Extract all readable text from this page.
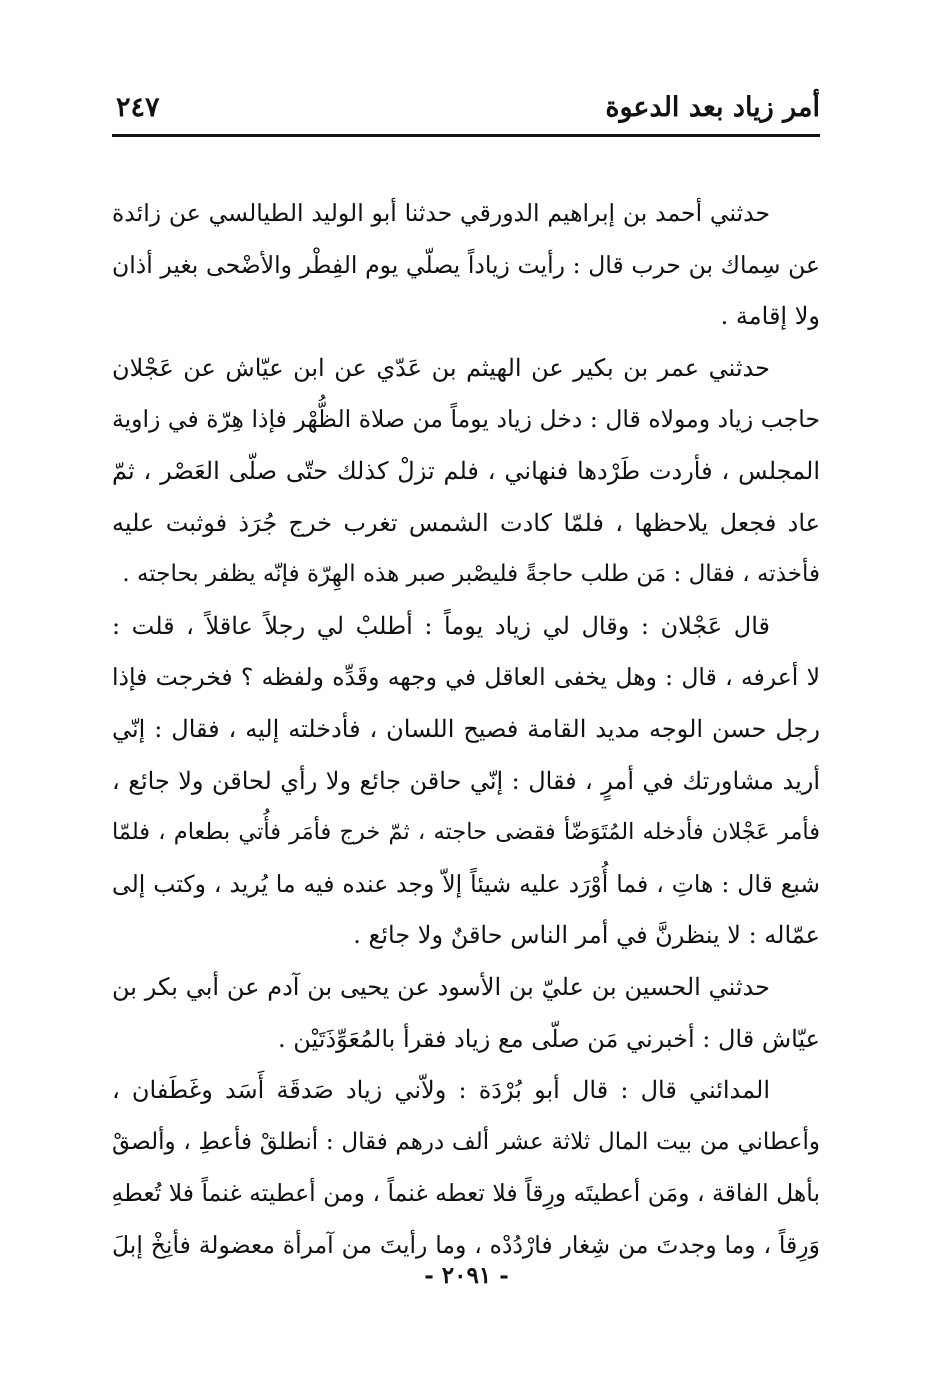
أمر زياد بعد الدعوة
٢٤٧
حدثني أحمد بن إبراهيم الدورقي حدثنا أبو الوليد الطيالسي عن زائدة
عن سِماك بن حرب قال : رأيت زياداً يصلّي يوم الفِطْر والأضْحى بغير أذان
ولا إقامة .
حدثني عمر بن بكير عن الهيثم بن عَدّي عن ابن عيّاش عن عَجْلان
حاجب زياد ومولاه قال : دخل زياد يوماً من صلاة الظُّهْر فإذا هِرّة في زاوية
المجلس ، فأردت طَرْدها فنهاني ، فلم تزلْ كذلك حتّى صلّى العَصْر ، ثمّ
عاد فجعل يلاحظها ، فلمّا كادت الشمس تغرب خرج جُرَذ فوثبت عليه
فأخذته ، فقال : مَن طلب حاجةً فليصْبر صبر هذه الهِرّة فإنّه يظفر بحاجته .
قال عَجْلان : وقال لي زياد يوماً : أطلبْ لي رجلاً عاقلاً ، قلت :
لا أعرفه ، قال : وهل يخفى العاقل في وجهه وقَدِّه ولفظه ؟ فخرجت فإذا
رجل حسن الوجه مديد القامة فصيح اللسان ، فأدخلته إليه ، فقال : إنّي
أريد مشاورتك في أمرٍ ، فقال : إنّي حاقن جائع ولا رأي لحاقن ولا جائع ،
فأمر عَجْلان فأدخله المُتَوَضّأ فقضى حاجته ، ثمّ خرج فأمَر فأُتي بطعام ، فلمّا
شبع قال : هاتِ ، فما أُوْرَد عليه شيئاً إلاّ وجد عنده فيه ما يُريد ، وكتب إلى
عمّاله : لا ينظرنَّ في أمر الناس حاقنٌ ولا جائع .
حدثني الحسين بن عليّ بن الأسود عن يحيى بن آدم عن أبي بكر بن
عيّاش قال : أخبرني مَن صلّى مع زياد فقرأ بالمُعَوِّذَتَيْن .
المدائني قال : قال أبو بُرْدَة : ولاّني زياد صَدقَة أَسَد وغَطَفان ،
وأعطاني من بيت المال ثلاثة عشر ألف درهم فقال : أنطلقْ فأعطِ ، وألصقْ
بأهل الفاقة ، ومَن أعطيتَه ورِقاً فلا تعطه غنماً ، ومن أعطيته غنماً فلا تُعطهِ
وَرِقاً ، وما وجدتَ من شِغار فارْدُدْه ، وما رأيتَ من آمرأة معضولة فأنِخْ إبلَ
- ٢٠٩١ -
